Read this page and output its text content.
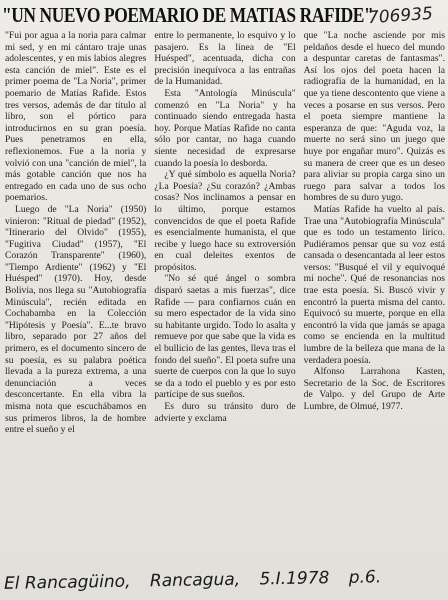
"UN NUEVO POEMARIO DE MATIAS RAFIDE"
706935

"Fui por agua a la noria para calmar mi sed, y en mi cántaro traje unas adolescentes, y en mis labios alegres esta canción de miel". Este es el primer poema de "La Noria", primer poemario de Matías Rafide. Estos tres versos, además de dar título al libro, son el pórtico para introducirnos en su gran poesía. Pues penetramos en ella, reflexionemos. Fue a la noria y volvió con una "canción de miel", la más gotable canción que nos ha entregado en cada uno de sus ocho poemarios.

Luego de "La Noria" (1950) vinieron: "Ritual de piedad" (1952), "Itinerario del Olvido" (1955), "Fugitiva Ciudad" (1957), "El Corazón Transparente" (1960), "Tiempo Ardiente" (1962) y "El Huésped" (1970). Hoy, desde Bolivia, nos llega su "Autobiografía Minúscula", recién editada en Cochabamba en la Colección "Hipótesis y Poesía". E...te bravo libro, separado por 27 años del primero, es el documento sincero de su poesía, es su palabra poética llevada a la pureza extrema, a una denunciación a veces desconcertante. En ella vibra la misma nota que escuchábamos en sus primeros libros, la de hombre entre el sueño y el

entre lo permanente, lo esquivo y lo pasajero. Es la línea de "El Huésped", acentuada, dicha con precisión inequívoca a las entrañas de la Humanidad.

Esta "Antología Minúscula" comenzó en "La Noria" y ha continuado siendo entregada hasta hoy. Porque Matías Rafide no canta sólo por cantar, no haga cuando siente necesidad de expresarse cuando la poesía lo desborda.

¿Y qué símbolo es aquella Noria? ¿La Poesía? ¿Su corazón? ¿Ambas cosas? Nos inclinamos a pensar en lo último, porque estamos convencidos de que el poeta Rafide es esencialmente humanista, el que recibe y luego hace su extroversión en cual deleites exentos de propósitos.

"No sé qué ángel o sombra disparó saetas a mis fuerzas", dice Rafide — para confiarnos cuán en su mero espectador de la vida sino su habitante urgido. Todo lo asalta y remueve por que sabe que la vida es el bullicio de las gentes, lleva tras el fondo del sueño". El poeta sufre una suerte de cuerpos con la que lo suyo se da a todo el pueblo y es por esto partícipe de sus sueños.

Es duro su tránsito duro de advierte y exclama

que "La noche asciende por mis peldaños desde el hueco del mundo a despuntar caretas de fantasmas". Así los ojos del poeta hacen la radiografía de la humanidad, en la que ya tiene descontento que viene a veces a posarse en sus versos. Pero el poeta siempre mantiene la esperanza de que: "Aguda voz, la muerte no será sino un juego que huye por engañar muro". Quizás es su manera de creer que es un deseo para aliviar su propia carga sino un ruego para salvar a todos los hombres de su duro yugo.

Matías Rafide ha vuelto al país. Trae una "Autobiografía Minúscula" que es todo un testamento lírico. Pudiéramos pensar que su voz está cansada o desencantada al leer estos versos: "Busqué el vil y equivoqué mi noche". Qué de resonancias nos trae esta poesía. Si. Buscó vivir y encontró la puerta misma del canto. Equivocó su muerte, porque en ella encontró la vida que jamás se apaga como se encienda en la multitud lumbre de la belleza que mana de la verdadera poesía.

Alfonso Larrahona Kasten, Secretario de la Soc. de Escritores de Valpo. y del Grupo de Arte Lumbre, de Olmué, 1977.

El Rancagüino, Rancagua, 5.I.1978 p.6.
